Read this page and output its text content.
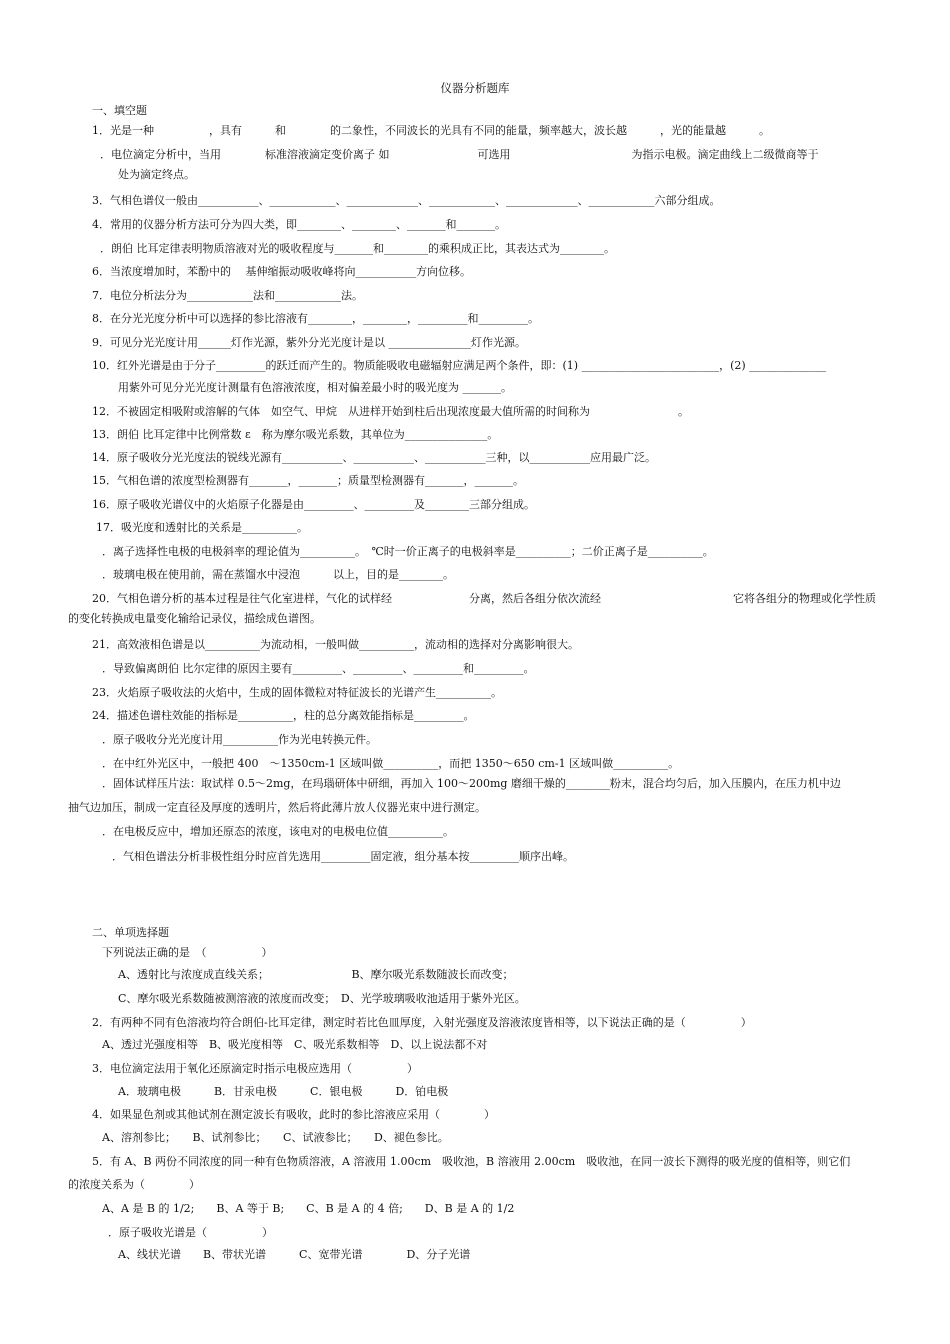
仪器分析题库
一、填空题
1．光是一种　　　　　，具有　　　和　　　　的二象性，不同波长的光具有不同的能量，频率越大，波长越　　　，光的能量越　　　。
．电位滴定分析中，当用　　　　标准溶液滴定变价离子 如　　　　　　　　可选用　　　　　　　　　　　为指示电极。滴定曲线上二级微商等于
处为滴定终点。
3．气相色谱仪一般由___________、____________、_____________、____________、_____________、____________六部分组成。
4．常用的仪器分析方法可分为四大类，即________、________、_______和_______。
．朗伯 比耳定律表明物质溶液对光的吸收程度与_______和________的乘积成正比，其表达式为________。
6．当浓度增加时，苯酚中的　 基伸缩振动吸收峰将向___________方向位移。
7．电位分析法分为____________法和____________法。
8．在分光光度分析中可以选择的参比溶液有________，________，_________和_________。
9．可见分光光度计用______灯作光源，紫外分光光度计是以 _______________灯作光源。
10．红外光谱是由于分子_________的跃迁而产生的。物质能吸收电磁辐射应满足两个条件，即：(1) _________________________，(2) ______________
用紫外可见分光光度计测量有色溶液浓度，相对偏差最小时的吸光度为 _______。
12．不被固定相吸附或溶解的气体　如空气、甲烷　从进样开始到柱后出现浓度最大值所需的时间称为　　　　　　　　。
13．朗伯 比耳定律中比例常数 ε　称为摩尔吸光系数，其单位为_______________。
14．原子吸收分光光度法的锐线光源有___________、___________、___________三种，以___________应用最广泛。
15．气相色谱的浓度型检测器有_______，_______；质量型检测器有_______，_______。
16．原子吸收光谱仪中的火焰原子化器是由_________、_________及________三部分组成。
17．吸光度和透射比的关系是__________。
．离子选择性电极的电极斜率的理论值为__________。　℃时一价正离子的电极斜率是__________；二价正离子是__________。
．玻璃电极在使用前，需在蒸馏水中浸泡　　　以上，目的是________。
20．气相色谱分析的基本过程是往气化室进样，气化的试样经　　　　　　　分离，然后各组分依次流经　　　　　　　　　　　　它将各组分的物理或化学性质
的变化转换成电量变化输给记录仪，描绘成色谱图。
21．高效液相色谱是以__________为流动相，一般叫做__________，流动相的选择对分离影响很大。
．导致偏离朗伯 比尔定律的原因主要有_________、_________、_________和_________。
23．火焰原子吸收法的火焰中，生成的固体微粒对特征波长的光谱产生__________。
24．描述色谱柱效能的指标是__________，柱的总分离效能指标是_________。
．原子吸收分光光度计用__________作为光电转换元件。
．在中红外光区中，一般把 400　～1350cm-1 区域叫做__________，而把 1350～650 cm-1 区域叫做__________。
．固体试样压片法：取试样 0.5～2mg，在玛瑙研体中研细，再加入 100～200mg 磨细干燥的________粉末，混合均匀后，加入压膜内，在压力机中边
抽气边加压，制成一定直径及厚度的透明片，然后将此薄片放人仪器光束中进行测定。
．在电极反应中，增加还原态的浓度，该电对的电极电位值__________。
．气相色谱法分析非极性组分时应首先选用_________固定液，组分基本按_________顺序出峰。
二、单项选择题
下列说法正确的是　（　　　　　）
A、透射比与浓度成直线关系；　　　　　　　　B、摩尔吸光系数随波长而改变；
C、摩尔吸光系数随被测溶液的浓度而改变；　D、光学玻璃吸收池适用于紫外光区。
2．有两种不同有色溶液均符合朗伯-比耳定律，测定时若比色皿厚度，入射光强度及溶液浓度皆相等，以下说法正确的是（　　　　　）
A、透过光强度相等　B、吸光度相等　C、吸光系数相等　D、以上说法都不对
3．电位滴定法用于氧化还原滴定时指示电极应选用（　　　　　）
A．玻璃电极　　　B．甘汞电极　　　C．银电极　　　D．铂电极
4．如果显色剂或其他试剂在测定波长有吸收，此时的参比溶液应采用（　　　　）
A、溶剂参比；　　B、试剂参比；　　C、试液参比；　　D、褪色参比。
5．有 A、B 两份不同浓度的同一种有色物质溶液，A 溶液用 1.00cm　吸收池，B 溶液用 2.00cm　吸收池，在同一波长下测得的吸光度的值相等，则它们
的浓度关系为（　　　　）
A、A 是 B 的 1/2;　　B、A 等于 B;　　C、B 是 A 的 4 倍;　　D、B 是 A 的 1/2
．原子吸收光谱是（　　　　　）
A、线状光谱　　B、带状光谱　　　C、宽带光谱　　　　D、分子光谱
